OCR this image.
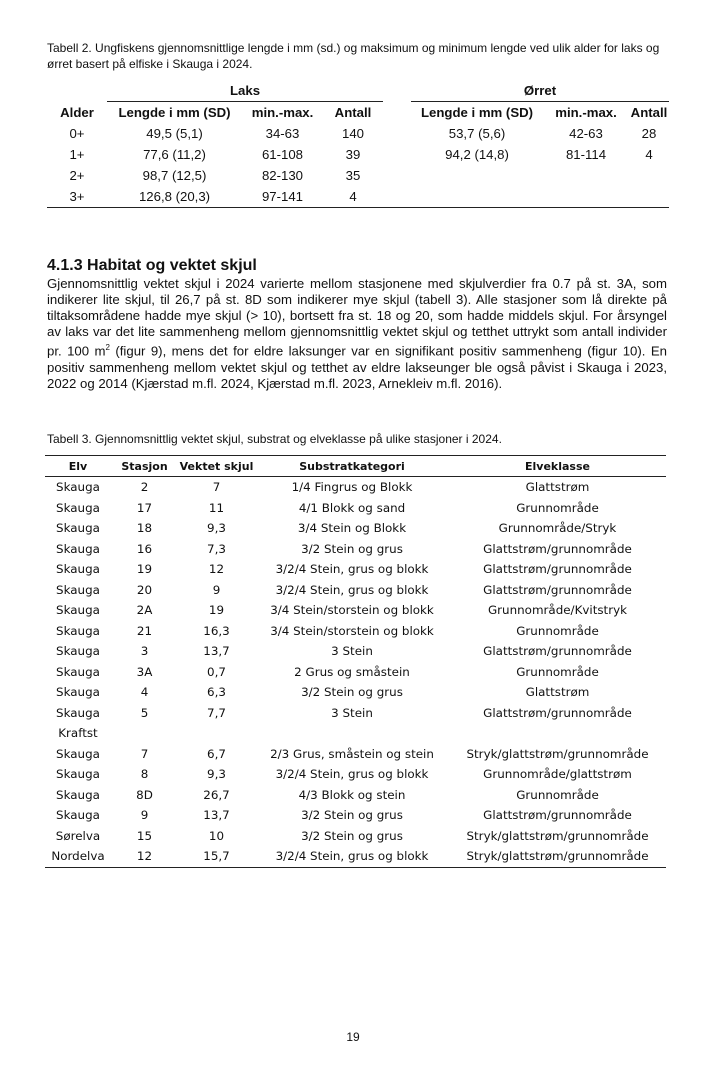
Tabell 2. Ungfiskens gjennomsnittlige lengde i mm (sd.) og maksimum og minimum lengde ved ulik alder for laks og ørret basert på elfiske i Skauga i 2024.
	Laks				Ørret		
Alder	Lengde i mm (SD)	min.-max.	Antall		Lengde i mm (SD)	min.-max.	Antall
0+	49,5 (5,1)	34-63	140		53,7 (5,6)	42-63	28
1+	77,6 (11,2)	61-108	39		94,2 (14,8)	81-114	4
2+	98,7 (12,5)	82-130	35				
3+	126,8 (20,3)	97-141	4				
4.1.3 Habitat og vektet skjul
Gjennomsnittlig vektet skjul i 2024 varierte mellom stasjonene med skjulverdier fra 0.7 på st. 3A, som indikerer lite skjul, til 26,7 på st. 8D som indikerer mye skjul (tabell 3). Alle stasjoner som lå direkte på tiltaksområdene hadde mye skjul (> 10), bortsett fra st. 18 og 20, som hadde middels skjul. For årsyngel av laks var det lite sammenheng mellom gjennomsnittlig vektet skjul og tetthet uttrykt som antall individer pr. 100 $m^2$ (figur 9), mens det for eldre laksunger var en signifikant positiv sammenheng (figur 10). En positiv sammenheng mellom vektet skjul og tetthet av eldre lakseunger ble også påvist i Skauga i 2023, 2022 og 2014 (Kjærstad m.fl. 2024, Kjærstad m.fl. 2023, Arnekleiv m.fl. 2016).
Tabell 3. Gjennomsnittlig vektet skjul, substrat og elveklasse på ulike stasjoner i 2024.
Elv	Stasjon	Vektet skjul	Substratkategori	Elveklasse
Skauga	2	7	1/4 Fingrus og Blokk	Glattstrøm
Skauga	17	11	4/1 Blokk og sand	Grunnområde
Skauga	18	9,3	3/4 Stein og Blokk	Grunnområde/Stryk
Skauga	16	7,3	3/2 Stein og grus	Glattstrøm/grunnområde
Skauga	19	12	3/2/4 Stein, grus og blokk	Glattstrøm/grunnområde
Skauga	20	9	3/2/4 Stein, grus og blokk	Glattstrøm/grunnområde
Skauga	2A	19	3/4 Stein/storstein og blokk	Grunnområde/Kvitstryk
Skauga	21	16,3	3/4 Stein/storstein og blokk	Grunnområde
Skauga	3	13,7	3 Stein	Glattstrøm/grunnområde
Skauga	3A	0,7	2 Grus og småstein	Grunnområde
Skauga	4	6,3	3/2 Stein og grus	Glattstrøm
Skauga	5	7,7	3 Stein	Glattstrøm/grunnområde
Kraftst				
Skauga	7	6,7	2/3 Grus, småstein og stein	Stryk/glattstrøm/grunnområde
Skauga	8	9,3	3/2/4 Stein, grus og blokk	Grunnområde/glattstrøm
Skauga	8D	26,7	4/3 Blokk og stein	Grunnområde
Skauga	9	13,7	3/2 Stein og grus	Glattstrøm/grunnområde
Sørelva	15	10	3/2 Stein og grus	Stryk/glattstrøm/grunnområde
Nordelva	12	15,7	3/2/4 Stein, grus og blokk	Stryk/glattstrøm/grunnområde
19
